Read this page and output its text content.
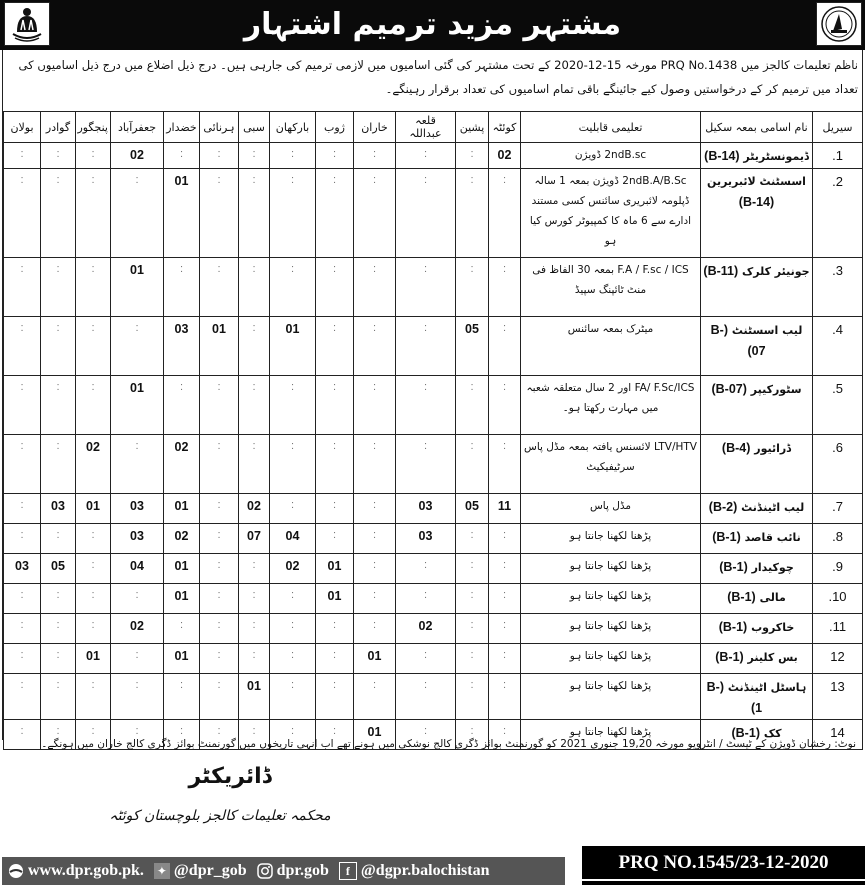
مشتہر مزید ترمیم اشتہار
ناظم تعلیمات کالجز میں PRQ No.1438 مورخہ 15-12-2020 کے تحت مشتہر کی گئی اسامیوں میں لازمی ترمیم کی جارہی ہیں۔ درج ذیل اضلاع میں درج ذیل اسامیوں کی تعداد میں ترمیم کر کے درخواستیں وصول کیے جائینگے باقی تمام اسامیوں کی تعداد برقرار رہینگے۔
سیریل	نام اسامی بمعہ سکیل	تعلیمی قابلیت	کوئٹہ	پشین	قلعہ عبداللہ	خاران	ژوب	بارکھان	سبی	ہرنائی	خضدار	جعفرآباد	پنجگور	گوادر	بولان
1.	ڈیمونسٹریٹر (B-14)	2ndB.sc ڈویژن	02	:	:	:	:	:	:	:	:	02	:	:	:
2.	اسسٹنٹ لائبریرین (B-14)	2ndB.A/B.Sc ڈویژن بمعہ 1 سالہ ڈپلومہ لائبریری سائنس کسی مستند ادارے سے 6 ماہ کا کمپیوٹر کورس کیا ہو	:	:	:	:	:	:	:	:	01	:	:	:	:
3.	جونیئر کلرک (B-11)	F.A / F.sc / ICS بمعہ 30 الفاظ فی منٹ ٹائپنگ سپیڈ	:	:	:	:	:	:	:	:	:	01	:	:	:
4.	لیب اسسٹنٹ (B-07)	میٹرک بمعہ سائنس	:	05	:	:	:	01	:	01	03	:	:	:	:
5.	سٹورکیپر (B-07)	FA/ F.Sc/ICS اور 2 سال متعلقہ شعبہ میں مہارت رکھتا ہو۔	:	:	:	:	:	:	:	:	:	01	:	:	:
6.	ڈرائیور (B-4)	LTV/HTV لائسنس یافتہ بمعہ مڈل پاس سرٹیفیکیٹ	:	:	:	:	:	:	:	:	02	:	02	:	:
7.	لیب اٹینڈنٹ (B-2)	مڈل پاس	11	05	03	:	:	:	02	:	01	03	01	03	:
8.	نائب قاصد (B-1)	پڑھنا لکھنا جانتا ہو	:	:	03	:	:	04	07	:	02	03	:	:	:
9.	چوکیدار (B-1)	پڑھنا لکھنا جانتا ہو	:	:	:	:	01	02	:	:	01	04	:	05	03
10.	مالی (B-1)	پڑھنا لکھنا جانتا ہو	:	:	:	:	01	:	:	:	01	:	:	:	:
11.	خاکروب (B-1)	پڑھنا لکھنا جانتا ہو	:	:	02	:	:	:	:	:	:	02	:	:	:
12	بس کلینر (B-1)	پڑھنا لکھنا جانتا ہو	:	:	:	01	:	:	:	:	01	:	01	:	:
13	ہاسٹل اٹینڈنٹ (B-1)	پڑھنا لکھنا جانتا ہو	:	:	:	:	:	:	01	:	:	:	:	:	:
14	کک (B-1)	پڑھنا لکھنا جانتا ہو	:	:	:	01	:	:	:	:	:	:	:	:	:
نوٹ: رخشان ڈویژن کے ٹیسٹ / انٹرویو مورخہ 19,20 جنوری 2021 کو گورنمنٹ بوائز ڈگری کالج نوشکی میں ہونے تھے اب انہی تاریخوں میں گورنمنٹ بوائز ڈگری کالج خاران میں ہونگے۔
ڈائریکٹر
محکمہ تعلیمات کالجز بلوچستان کوئٹہ
www.dpr.gob.pk. ✦ @dpr_gob dpr.gob	f @dgpr.balochistan	PRQ NO.1545/23-12-2020
